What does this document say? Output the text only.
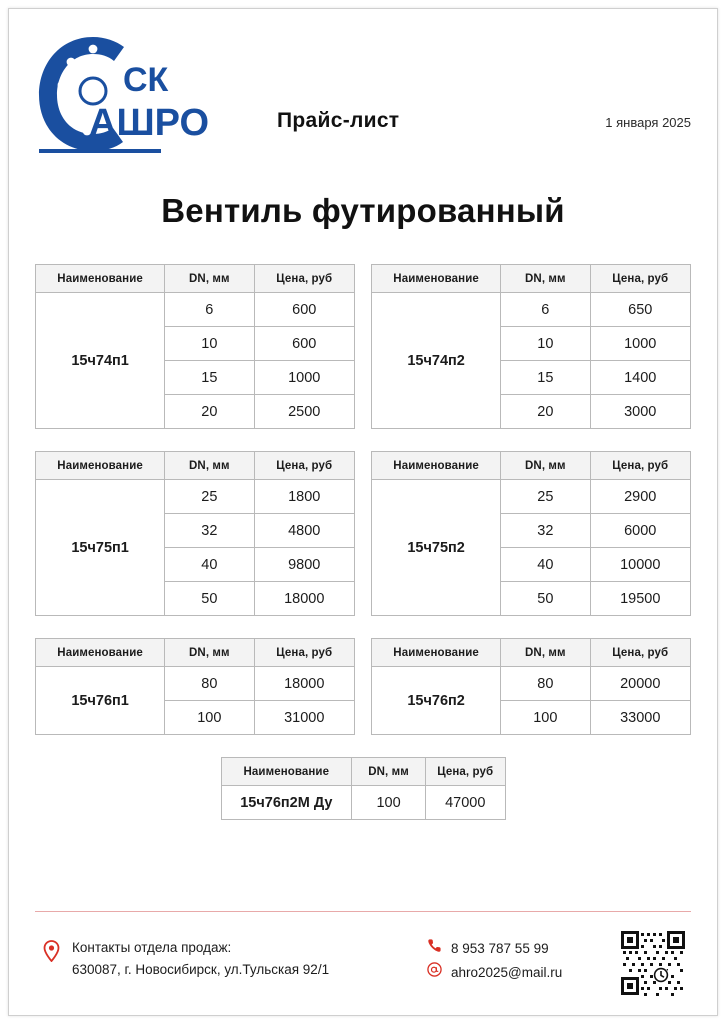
СК
АШРО	Прайс-лист	1 января 2025
Вентиль футированный
Наименование	DN, мм	Цена, руб
15ч74п1	6	600
	10	600
	15	1000
	20	2500
Наименование	DN, мм	Цена, руб
15ч74п2	6	650
	10	1000
	15	1400
	20	3000
Наименование	DN, мм	Цена, руб
15ч75п1	25	1800
	32	4800
	40	9800
	50	18000
Наименование	DN, мм	Цена, руб
15ч75п2	25	2900
	32	6000
	40	10000
	50	19500
Наименование	DN, мм	Цена, руб
15ч76п1	80	18000
	100	31000
Наименование	DN, мм	Цена, руб
15ч76п2	80	20000
	100	33000
Наименование	DN, мм	Цена, руб
15ч76п2М Ду	100	47000
Контакты отдела продаж:
630087, г. Новосибирск, ул.Тульская 92/1
8 953 787 55 99
ahro2025@mail.ru
